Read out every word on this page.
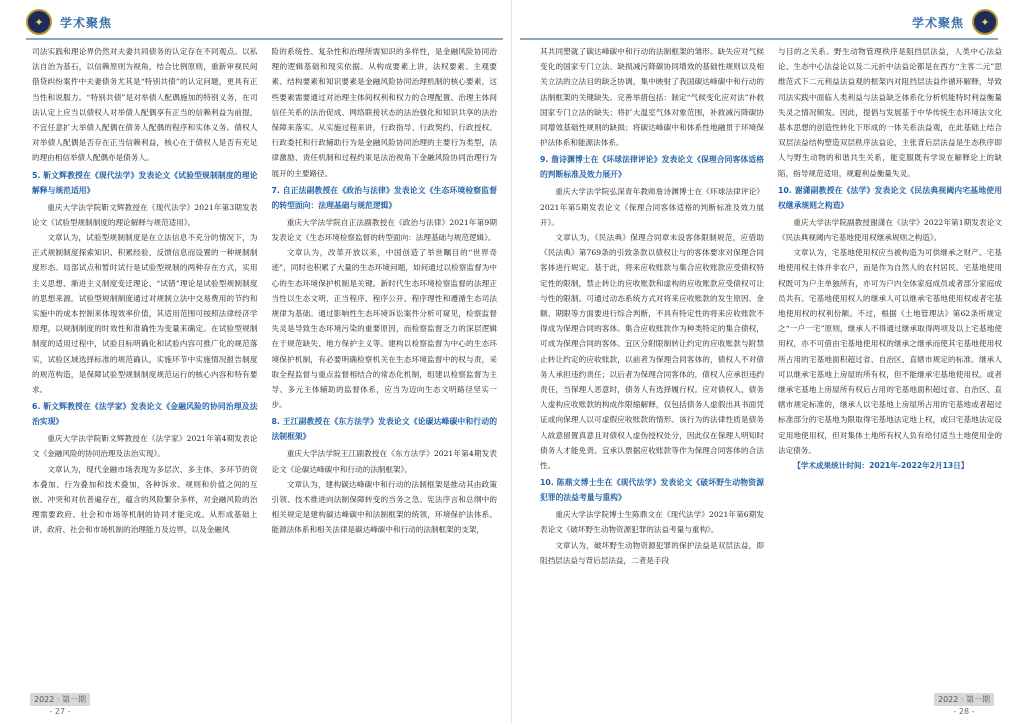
✦	学术聚焦

司法实践和理论界仍然对夫妻共同债务的认定存在不同观点。以私法自治为基石，以信赖原则为视角，结合比例原则，重新审视民间借贷纠纷案件中夫妻债务尤其是“特别共债”的认定问题，更具有正当性和说服力。“特别共债”是对举债人配偶施加的特别义务，在司法认定上应当以债权人对举债人配偶享有正当的信赖利益为前提，不宜任意扩大举债人配偶在债务人配偶的程序和实体义务。债权人对举债人配偶是否存在正当信赖利益，核心在于债权人是否有充足的理由相信举债人配偶亦是债务人。

5. 靳文辉教授在《现代法学》发表论文《试验型规制制度的理论解释与规范适用》

重庆大学法学院靳文辉教授在《现代法学》2021年第3期发表论文《试验型规制制度的理论解释与规范适用》。

文章认为，试验型规制制度是在立法信息不充分的情况下，为正式规制制度探索知识、积累经验、反馈信息而设置的一种规制制度形态。局部试点和暂时试行是试验型规制的两种存在方式，实用主义思想、渐进主义制度变迁理论、“试错”理论是试验型规制制度的思想来源。试验型规制制度通过对规制立法中交易费用的节约和实施中的成本控制来体现效率价值，其适用范围可按照法律经济学原理，以规制制度的时效性和准确性为变量来确定。在试验型规制制度的适用过程中，试验目标明确化和试验内容可推广化的规范落实，试验区域选择标准的规范确认，实施环节中实施情况报告制度的规范构造，是保障试验型规制制度规范运行的核心内容和特有要求。

6. 靳文辉教授在《法学家》发表论文《金融风险的协同治理及法治实现》

重庆大学法学院靳文辉教授在《法学家》2021年第4期发表论文《金融风险的协同治理及法治实现》。

文章认为，现代金融市场表现为多层次、多主体、多环节的资本叠加、行为叠加和技术叠加，各种诉求、规则和价值之间的互嵌、冲突和对抗普遍存在，蕴含的风险繁杂多样，对金融风险的治理需要政府、社会和市场等机制的协同才能完成。从形成基础上讲，政府、社会和市场机制的治理能力及边界，以及金融风

险的系统性、复杂性和治理所需知识的多样性，是金融风险协同治理的逻辑基础和现实依据。从构成要素上讲，法权要素、主观要素、结构要素和知识要素是金融风险协同治理机制的核心要素，这些要素需要通过对治理主体间权利和权力的合理配置、治理主体间信任关系的法治促成、网络联接状态的法治强化和知识共享的法治保障来落实。从实施过程来讲，行政指导、行政契约、行政授权、行政委托和行政辅助行为是金融风险协同治理的主要行为类型，法律激励、责任机制和过程约束是法治视角下金融风险协同治理行为展开的主要路径。

7. 自正法副教授在《政治与法律》发表论文《生态环境检察监督的转型面向：法理基础与规范逻辑》

重庆大学法学院自正法副教授在《政治与法律》2021年第9期发表论文《生态环境检察监督的转型面向：法理基础与规范逻辑》。

文章认为，改革开放以来，中国创造了举世瞩目的“世界奇迹”，同时也积累了大量的生态环境问题，如何通过以检察监督为中心的生态环境保护机制是关键。新时代生态环境检察监督的法理正当性以生态文明、正当程序、程序公开、程序理性和遵循生态司法规律为基础。通过影响性生态环境诉讼案件分析可窥见，检察监督失灵是导致生态环境污染的重要原因，而检察监督乏力的深层逻辑在于规范缺失、地方保护主义等。建构以检察监督为中心的生态环境保护机制，有必要明确检察机关在生态环境监督中的权与责，采取全程监督与重点监督相结合的常态化机制，组建以检察监督为主导、多元主体辅助的监督体系，应当为迈向生态文明路径坚实一步。

8. 王江副教授在《东方法学》发表论文《论碳达峰碳中和行动的法制框架》

重庆大学法学院王江副教授在《东方法学》2021年第4期发表论文《论碳达峰碳中和行动的法制框架》。

文章认为，建构碳达峰碳中和行动的法制框架是推动其由政策引领、技术推进向法制保障转变的当务之急。宪法序言和总纲中的相关规定是建构碳达峰碳中和法制框架的统领，环境保护法体系、能源法体系和相关法律是碳达峰碳中和行动的法制框架的支架，

2022 · 第一期
- 27 -
✦
学术聚焦

其共同塑就了碳达峰碳中和行动的法制框架的雏形。缺失应对气候变化的国家专门立法、缺损减污降碳协同增效的基础性规则以及相关立法的立法目的缺乏协调，集中映射了我国碳达峰碳中和行动的法制框架的关键缺失。完善举措包括：制定“气候变化应对法”补救国家专门立法的缺失；将扩大温室气体对象范围，补救减污降碳协同增效基础性规则的缺损；将碳达峰碳中和体系性地融贯于环境保护法体系和能源法体系。

9. 詹诗渊博士在《环球法律评论》发表论文《保理合同客体适格的判断标准及效力展开》

重庆大学法学院弘深青年教师詹诗渊博士在《环球法律评论》2021年第5期发表论文《保理合同客体适格的判断标准及效力展开》。

文章认为，《民法典》保理合同章未设客体限制规范，应借助《民法典》第769条的引致条款以债权让与的客体要求对保理合同客体进行规定。基于此，将来应收账款与集合应收账款应受债权特定性的限制，禁止转让的应收账款和虚构的应收账款应受债权可让与性的限制。可通过动态系统方式对将来应收账款的发生原因、金额、期限等方面要进行综合判断，不具有特定性的将来应收账款不得成为保理合同的客体。集合应收账款作为种类特定的集合债权，可成为保理合同的客体。宜区分附限制转让约定的应收账款与附禁止转让约定的应收账款，以前者为保理合同客体的，债权人不对债务人承担违约责任；以后者为保理合同客体的，债权人应承担违约责任，当保理人恶意时，债务人有选择履行权。应对债权人、债务人虚构应收账款的构成作限缩解释，仅包括债务人虚假出具书面凭证或向保理人以可虚假应收账款的情形。该行为的法律性质是债务人故意留置真意且对债权人虚伪授权处分，因此仅在保理人明知时债务人才能免责。宜承认票据应收账款等作为保理合同客体的合法性。

10. 陈鼎文博士生在《现代法学》发表论文《破坏野生动物资源犯罪的法益考量与重构》

重庆大学法学院博士生陈鼎文在《现代法学》2021年第6期发表论文《破坏野生动物资源犯罪的法益考量与重构》。

文章认为，破坏野生动物资源犯罪的保护法益是双层法益，即阻挡层法益与背后层法益，二者是手段

与目的之关系。野生动物管理秩序是阻挡层法益，人类中心法益论、生态中心法益论以及二元折中法益论都是在西方“主客二元”思维范式下二元利益法益观的框架内对阻挡层法益作循环解释，导致司法实践中面临人类利益与法益缺乏体系化分析机能特时利益衡量失灵之情况频发。因此，提倡与发展基于中华传统生态环境法文化基本思想的创造性转化下形成的一体关系法益观，在此基础上结合双层法益结构塑造双层秩序法益论，主张背后层法益是生态秩序即人与野生动物的和谐共生关系，能克服既有学说在解释论上的缺陷，指导规范适用，规避利益衡量失灵。

10. 谢潇副教授在《法学》发表论文《民法典视阈内宅基地使用权继承规则之构造》

重庆大学法学院副教授谢潇在《法学》2022年第1期发表论文《民法典视阈内宅基地使用权继承规则之构造》。

文章认为，宅基地使用权应当被构造为可供继承之财产。宅基地使用权主体并非农户，而是作为自然人的农村居民。宅基地使用权既可为户主单独所有，亦可为户内全体家庭成员或者部分家庭成员共有。宅基地使用权人的继承人可以继承宅基地使用权或者宅基地使用权的权利份额。不过，根据《土地管理法》第62条所规定之“一户一宅”原则，继承人不得通过继承取得两项及以上宅基地使用权，亦不可借由宅基地使用权的继承之继承而使其宅基地使用权所占用的宅基地面积超过省、自治区、直辖市规定的标准。继承人可以继承宅基地上房屋的所有权，但不能继承宅基地使用权。或者继承宅基地上房屋所有权后占用的宅基地面积超过省、自治区、直辖市规定标准的，继承人以宅基地上房屋所占用的宅基地或者超过标准部分的宅基地为限取得宅基地法定地上权，或曰宅基地法定设定用地使用权，但对集体土地所有权人负有给付适当土地使用金的法定债务。

【学术成果统计时间：2021年-2022年2月13日】

2022 · 第一期
- 28 -
